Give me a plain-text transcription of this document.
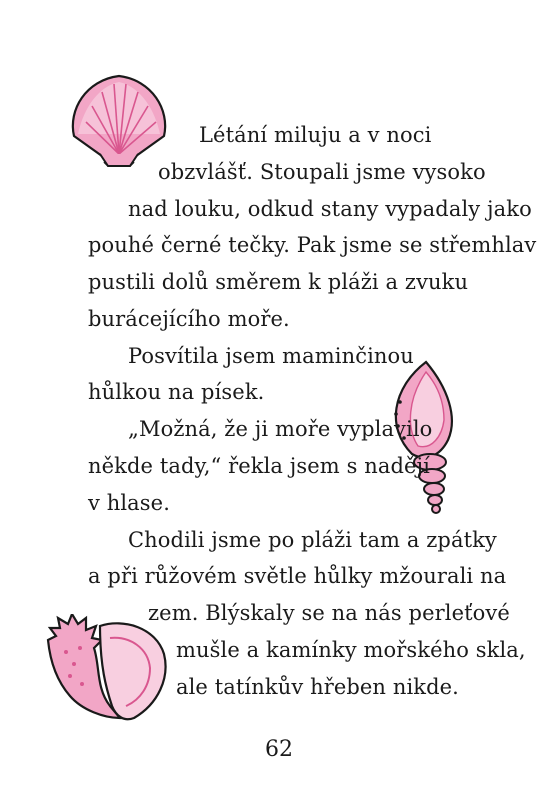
Létání miluju a v noci
obzvlášť. Stoupali jsme vysoko
nad louku, odkud stany vypadaly jako
pouhé černé tečky. Pak jsme se střemhlav
pustili dolů směrem k pláži a zvuku
burácejícího moře.
Posvítila jsem maminčinou
hůlkou na písek.
„Možná, že ji moře vyplavilo
někde tady,“ řekla jsem s nadějí
v hlase.
Chodili jsme po pláži tam a zpátky
a při růžovém světle hůlky mžourali na
zem. Blýskaly se na nás perleťové
mušle a kamínky mořského skla,
ale tatínkův hřeben nikde.
62
